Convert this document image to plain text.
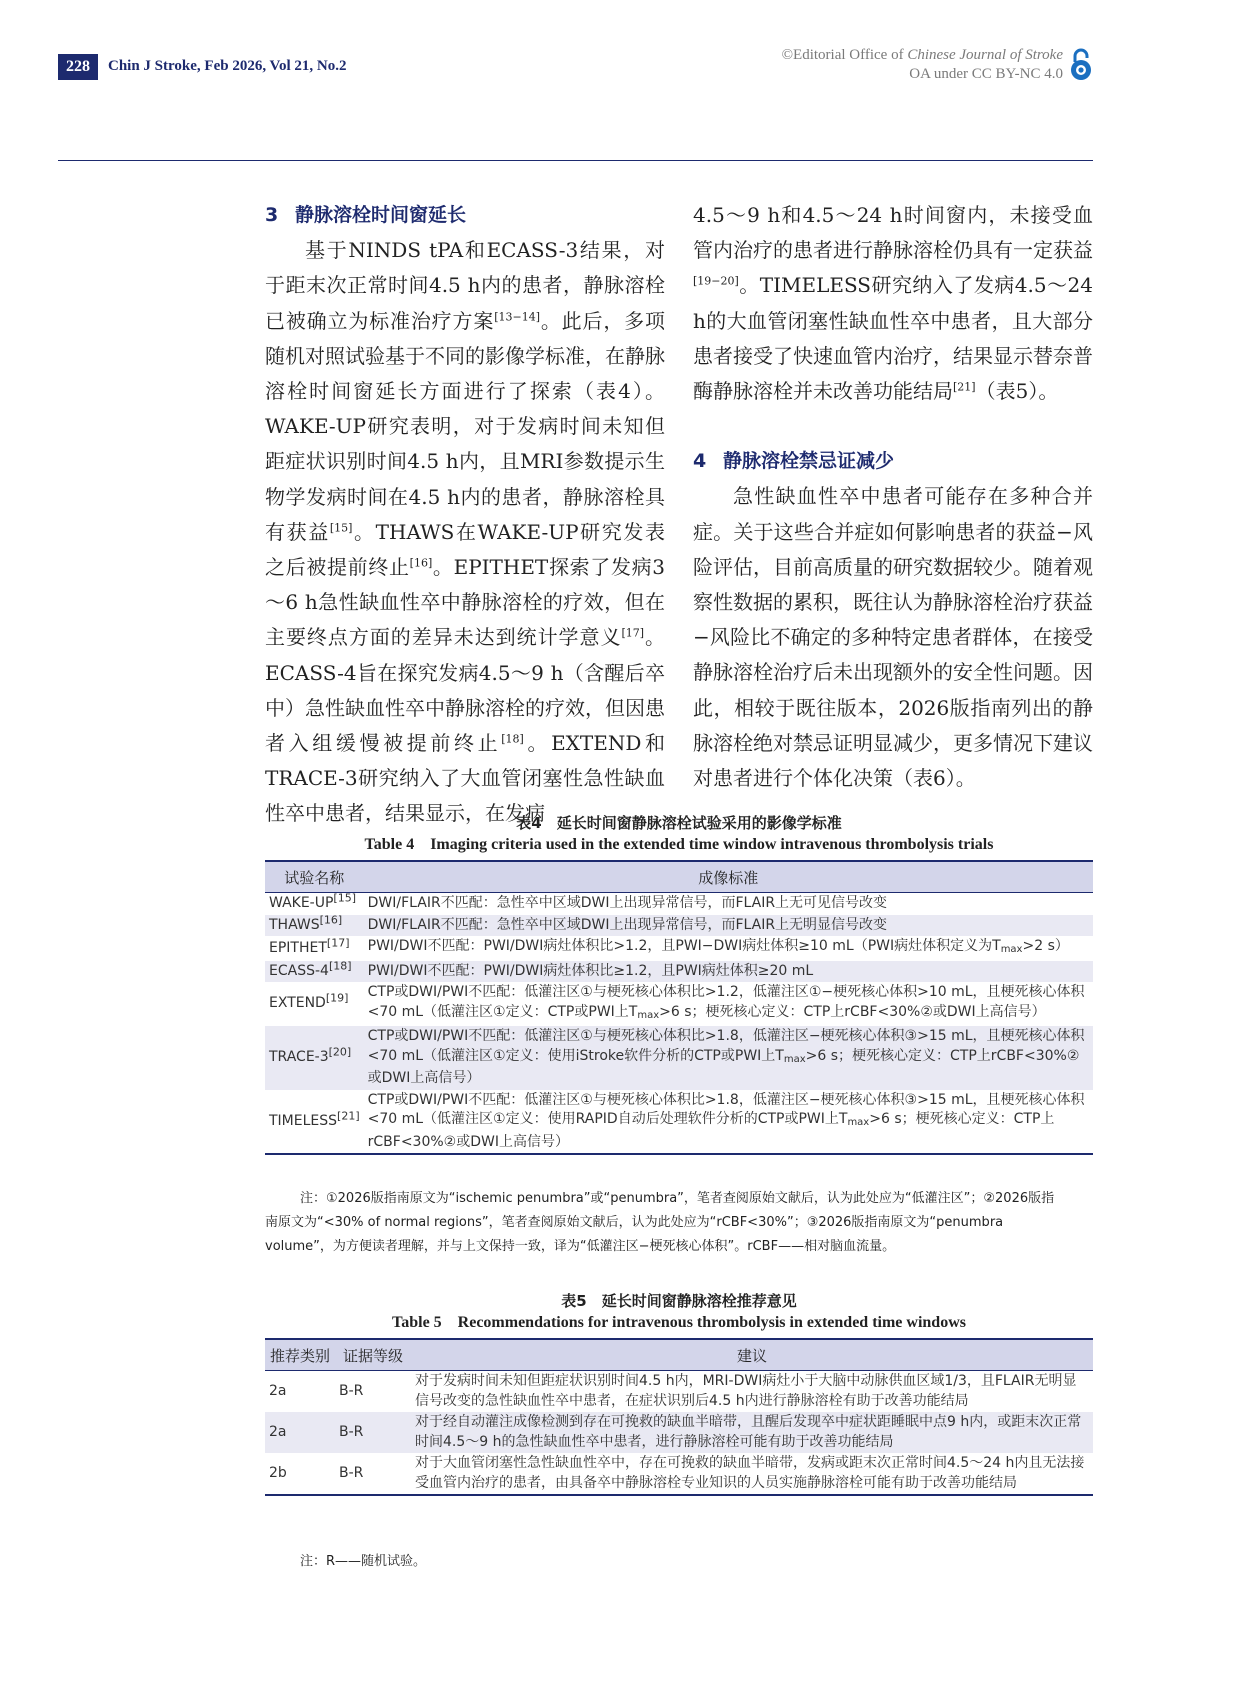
228	Chin J Stroke, Feb 2026, Vol 21, No.2
©Editorial Office of Chinese Journal of Stroke
OA under CC BY-NC 4.0

3 静脉溶栓时间窗延长

基于NINDS tPA和ECASS-3结果，对于距末次正常时间4.5 h内的患者，静脉溶栓已被确立为标准治疗方案[13−14]。此后，多项随机对照试验基于不同的影像学标准，在静脉溶栓时间窗延长方面进行了探索（表4）。WAKE-UP研究表明，对于发病时间未知但距症状识别时间4.5 h内，且MRI参数提示生物学发病时间在4.5 h内的患者，静脉溶栓具有获益[15]。THAWS在WAKE-UP研究发表之后被提前终止[16]。EPITHET探索了发病3～6 h急性缺血性卒中静脉溶栓的疗效，但在主要终点方面的差异未达到统计学意义[17]。ECASS-4旨在探究发病4.5～9 h（含醒后卒中）急性缺血性卒中静脉溶栓的疗效，但因患者入组缓慢被提前终止[18]。EXTEND和TRACE-3研究纳入了大血管闭塞性急性缺血性卒中患者，结果显示，在发病

4.5～9 h和4.5～24 h时间窗内，未接受血管内治疗的患者进行静脉溶栓仍具有一定获益[19−20]。TIMELESS研究纳入了发病4.5～24 h的大血管闭塞性缺血性卒中患者，且大部分患者接受了快速血管内治疗，结果显示替奈普酶静脉溶栓并未改善功能结局[21]（表5）。

4 静脉溶栓禁忌证减少

急性缺血性卒中患者可能存在多种合并症。关于这些合并症如何影响患者的获益−风险评估，目前高质量的研究数据较少。随着观察性数据的累积，既往认为静脉溶栓治疗获益−风险比不确定的多种特定患者群体，在接受静脉溶栓治疗后未出现额外的安全性问题。因此，相较于既往版本，2026版指南列出的静脉溶栓绝对禁忌证明显减少，更多情况下建议对患者进行个体化决策（表6）。

表4　延长时间窗静脉溶栓试验采用的影像学标准
Table 4　Imaging criteria used in the extended time window intravenous thrombolysis trials
试验名称	成像标准
WAKE-UP[15]	DWI/FLAIR不匹配：急性卒中区域DWI上出现异常信号，而FLAIR上无可见信号改变
THAWS[16]	DWI/FLAIR不匹配：急性卒中区域DWI上出现异常信号，而FLAIR上无明显信号改变
EPITHET[17]	PWI/DWI不匹配：PWI/DWI病灶体积比>1.2，且PWI−DWI病灶体积≥10 mL（PWI病灶体积定义为$T_{max}>2$ s）
ECASS-4[18]	PWI/DWI不匹配：PWI/DWI病灶体积比≥1.2，且PWI病灶体积≥20 mL
EXTEND[19]	CTP或DWI/PWI不匹配：低灌注区①与梗死核心体积比>1.2，低灌注区①−梗死核心体积>10 mL，且梗死核心体积<70 mL（低灌注区①定义：CTP或PWI上$T_{max}>6$ s；梗死核心定义：CTP上rCBF<30%②或DWI上高信号）
TRACE-3[20]	CTP或DWI/PWI不匹配：低灌注区①与梗死核心体积比>1.8，低灌注区−梗死核心体积③>15 mL，且梗死核心体积<70 mL（低灌注区①定义：使用iStroke软件分析的CTP或PWI上$T_{max}>6$ s；梗死核心定义：CTP上rCBF<30%②或DWI上高信号）
TIMELESS[21]	CTP或DWI/PWI不匹配：低灌注区①与梗死核心体积比>1.8，低灌注区−梗死核心体积③>15 mL，且梗死核心体积<70 mL（低灌注区①定义：使用RAPID自动后处理软件分析的CTP或PWI上$T_{max}>6$ s；梗死核心定义：CTP上rCBF<30%②或DWI上高信号）
注：①2026版指南原文为“ischemic penumbra”或“penumbra”，笔者查阅原始文献后，认为此处应为“低灌注区”；②2026版指南原文为“<30% of normal regions”，笔者查阅原始文献后，认为此处应为“rCBF<30%”；③2026版指南原文为“penumbra volume”，为方便读者理解，并与上文保持一致，译为“低灌注区−梗死核心体积”。rCBF——相对脑血流量。
表5　延长时间窗静脉溶栓推荐意见
Table 5　Recommendations for intravenous thrombolysis in extended time windows
推荐类别	证据等级	建议
2a	B-R	对于发病时间未知但距症状识别时间4.5 h内，MRI-DWI病灶小于大脑中动脉供血区域1/3，且FLAIR无明显信号改变的急性缺血性卒中患者，在症状识别后4.5 h内进行静脉溶栓有助于改善功能结局
2a	B-R	对于经自动灌注成像检测到存在可挽救的缺血半暗带，且醒后发现卒中症状距睡眠中点9 h内，或距末次正常时间4.5～9 h的急性缺血性卒中患者，进行静脉溶栓可能有助于改善功能结局
2b	B-R	对于大血管闭塞性急性缺血性卒中，存在可挽救的缺血半暗带，发病或距末次正常时间4.5～24 h内且无法接受血管内治疗的患者，由具备卒中静脉溶栓专业知识的人员实施静脉溶栓可能有助于改善功能结局
注：R——随机试验。
